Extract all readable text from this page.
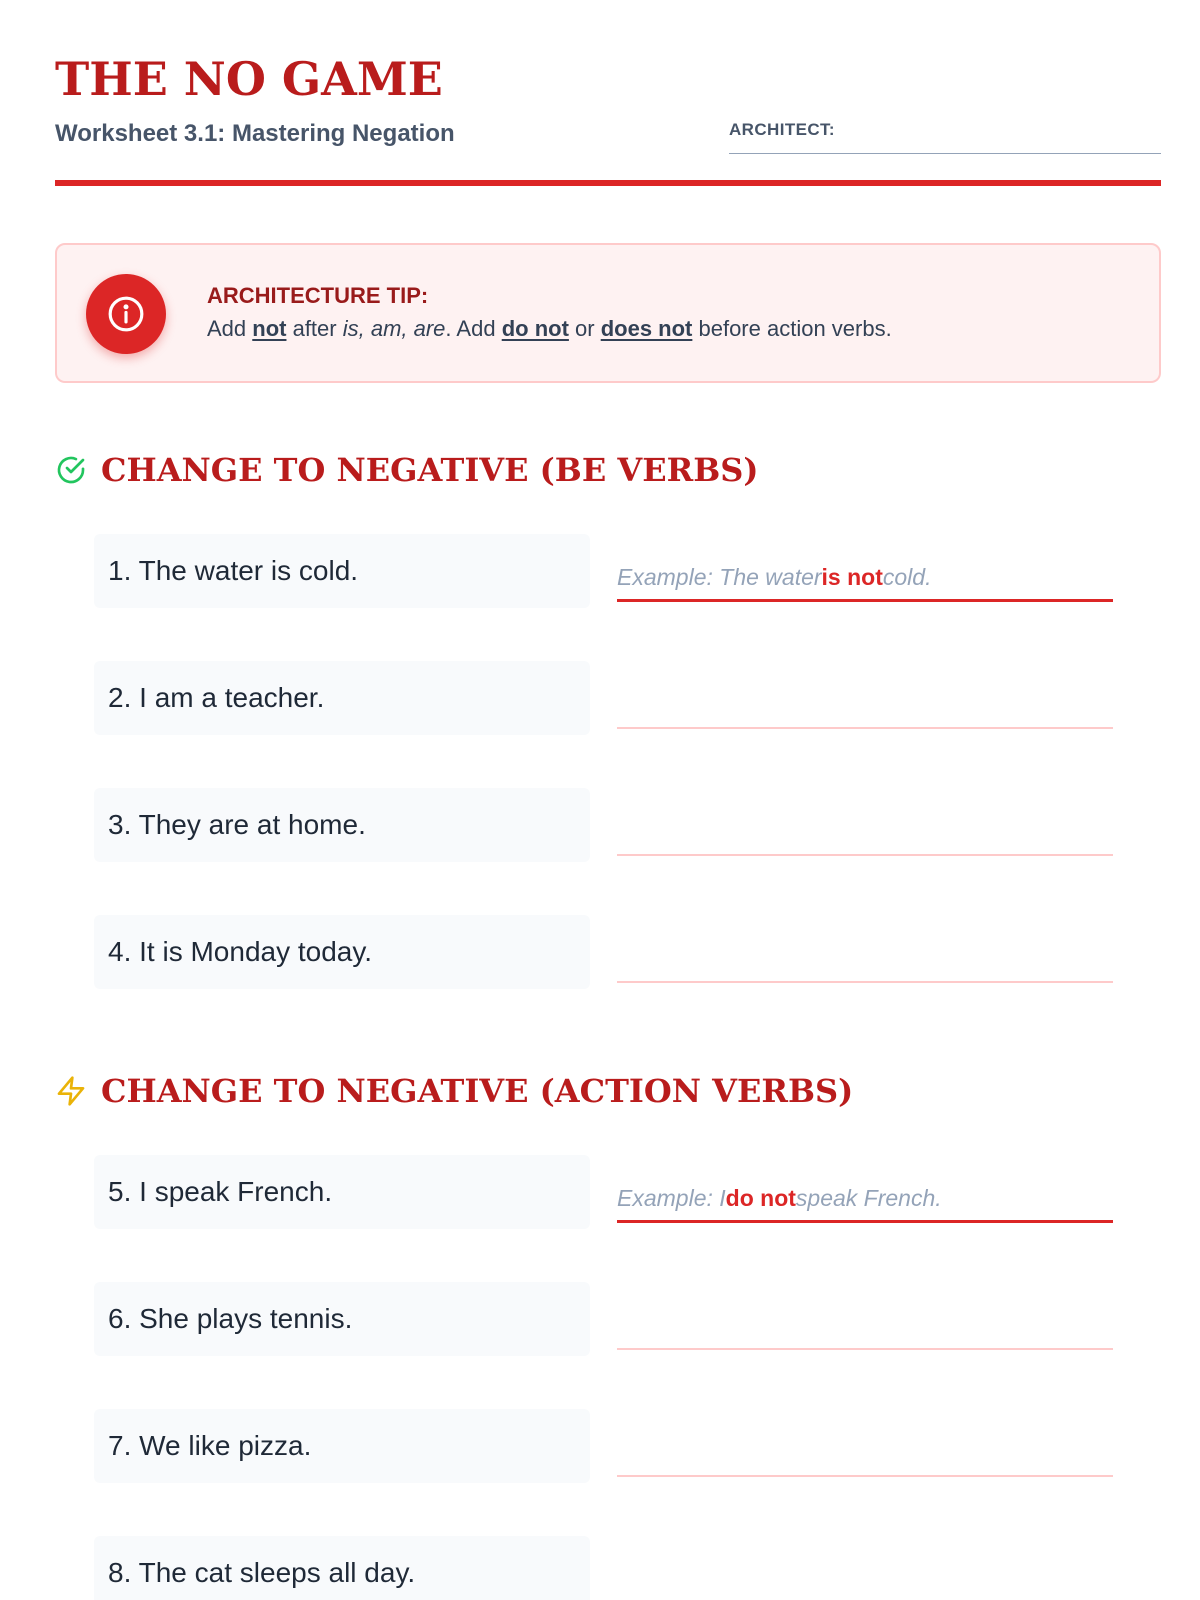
THE NO GAME
Worksheet 3.1: Mastering Negation	ARCHITECT:
ARCHITECTURE TIP:
Add not after is, am, are. Add do not or does not before action verbs.
CHANGE TO NEGATIVE (BE VERBS)
1. The water is cold.	Example: The wateris notcold.
2. I am a teacher.
3. They are at home.
4. It is Monday today.
CHANGE TO NEGATIVE (ACTION VERBS)
5. I speak French.	Example: Ido notspeak French.
6. She plays tennis.
7. We like pizza.
8. The cat sleeps all day.
